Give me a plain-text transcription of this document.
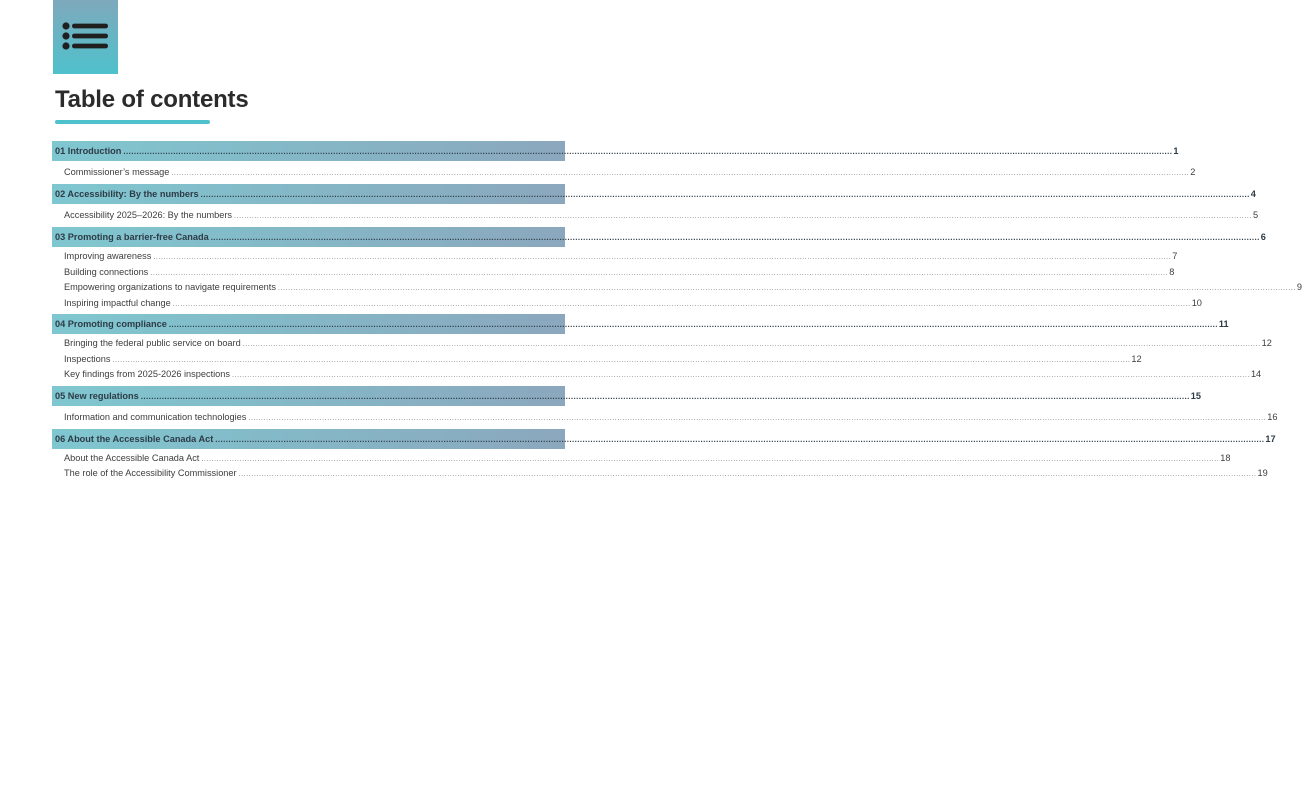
Table of contents
01 Introduction ................................................................................................................................................................................................................................................................................................................................................................................................................ 1
Commissioner’s message ................................................................................................................................................................................................................................................................................................................................................................................................................ 2
02 Accessibility: By the numbers ................................................................................................................................................................................................................................................................................................................................................................................................................ 4
Accessibility 2025–2026: By the numbers ................................................................................................................................................................................................................................................................................................................................................................................................................ 5
03 Promoting a barrier-free Canada ................................................................................................................................................................................................................................................................................................................................................................................................................ 6
Improving awareness ................................................................................................................................................................................................................................................................................................................................................................................................................ 7
Building connections ................................................................................................................................................................................................................................................................................................................................................................................................................ 8
Empowering organizations to navigate requirements ................................................................................................................................................................................................................................................................................................................................................................................................................ 9
Inspiring impactful change ................................................................................................................................................................................................................................................................................................................................................................................................................ 10
04 Promoting compliance ................................................................................................................................................................................................................................................................................................................................................................................................................ 11
Bringing the federal public service on board ................................................................................................................................................................................................................................................................................................................................................................................................................ 12
Inspections ................................................................................................................................................................................................................................................................................................................................................................................................................ 12
Key findings from 2025-2026 inspections ................................................................................................................................................................................................................................................................................................................................................................................................................ 14
05 New regulations ................................................................................................................................................................................................................................................................................................................................................................................................................ 15
Information and communication technologies ................................................................................................................................................................................................................................................................................................................................................................................................................ 16
06 About the Accessible Canada Act ................................................................................................................................................................................................................................................................................................................................................................................................................ 17
About the Accessible Canada Act ................................................................................................................................................................................................................................................................................................................................................................................................................ 18
The role of the Accessibility Commissioner ................................................................................................................................................................................................................................................................................................................................................................................................................ 19
